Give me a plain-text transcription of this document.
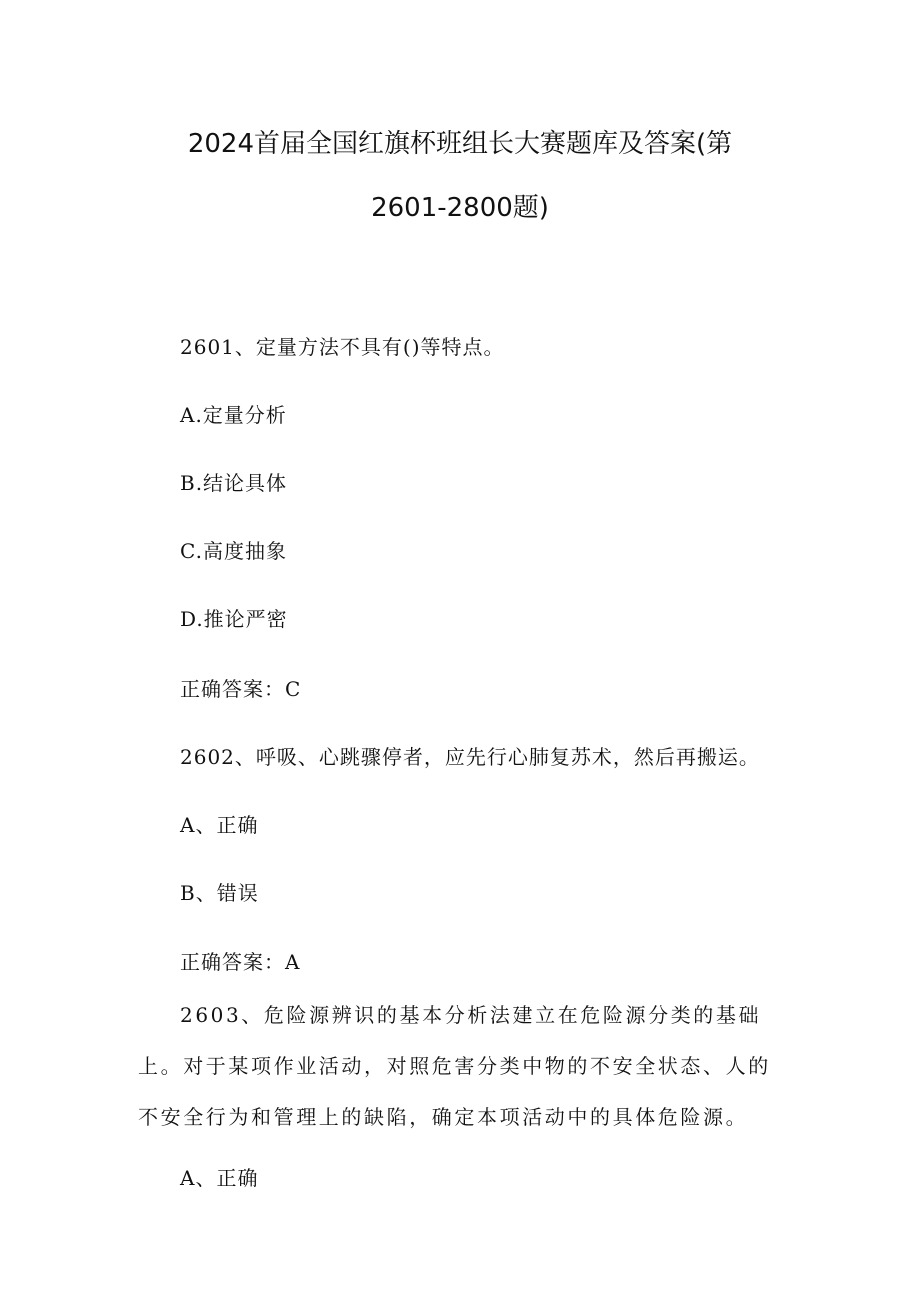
2024首届全国红旗杯班组长大赛题库及答案(第
2601-2800题)
2601、定量方法不具有()等特点。
A.定量分析
B.结论具体
C.高度抽象
D.推论严密
正确答案：C
2602、呼吸、心跳骤停者，应先行心肺复苏术，然后再搬运。
A、正确
B、错误
正确答案：A
2603、危险源辨识的基本分析法建立在危险源分类的基础上。对于某项作业活动，对照危害分类中物的不安全状态、人的不安全行为和管理上的缺陷，确定本项活动中的具体危险源。
A、正确
